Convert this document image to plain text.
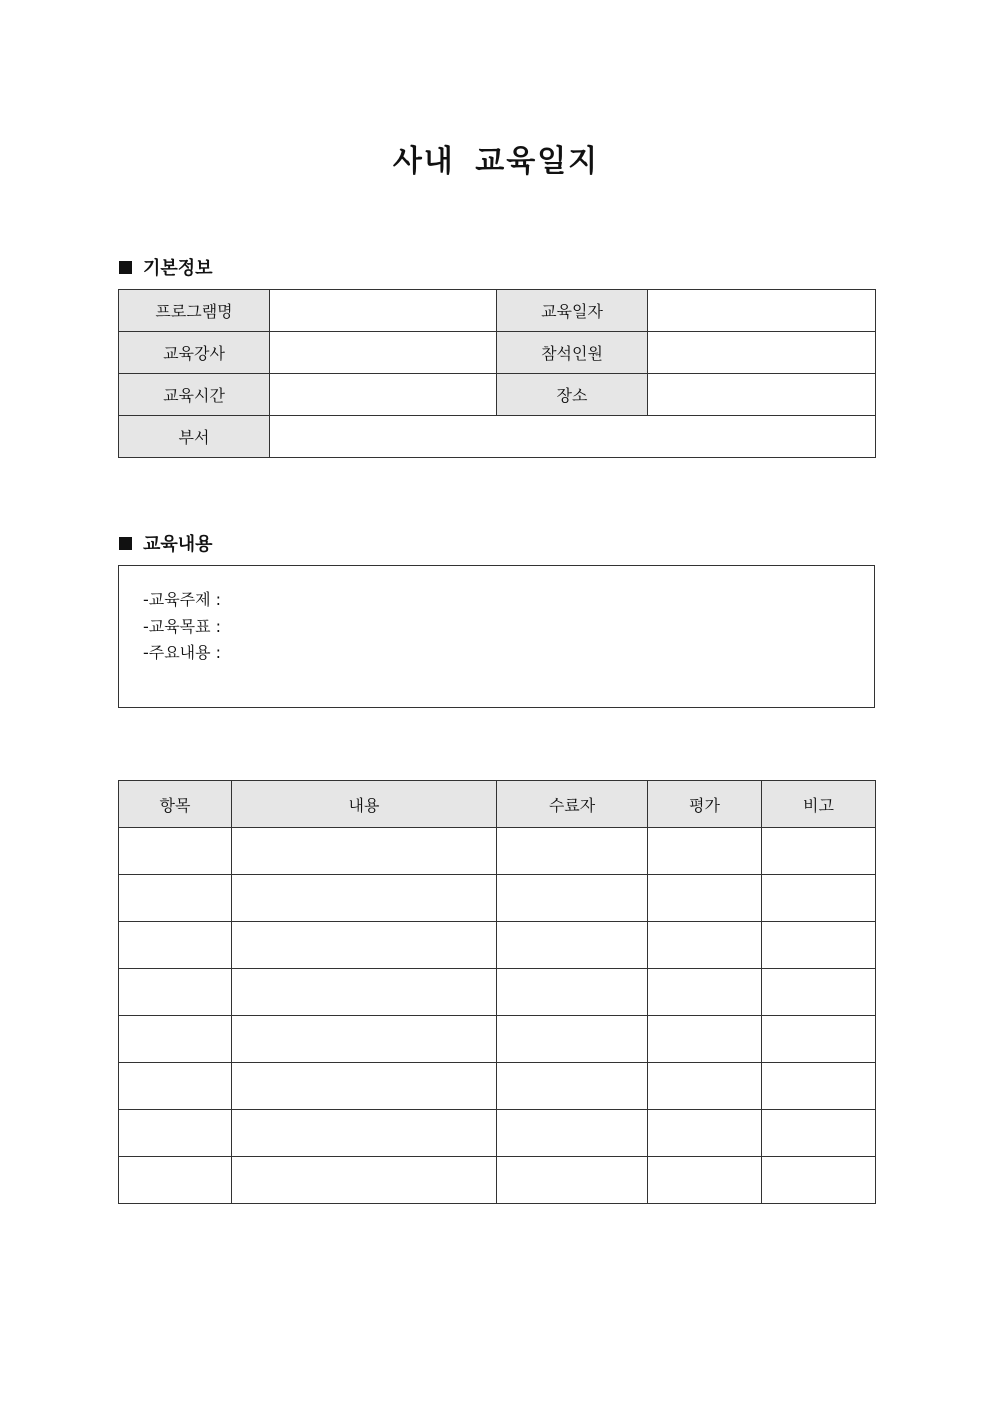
사내 교육일지
기본정보
프로그램명		교육일자	
교육강사		참석인원	
교육시간		장소	
부서			
교육내용
-교육주제 :
-교육목표 :
-주요내용 :
항목	내용	수료자	평가	비고
